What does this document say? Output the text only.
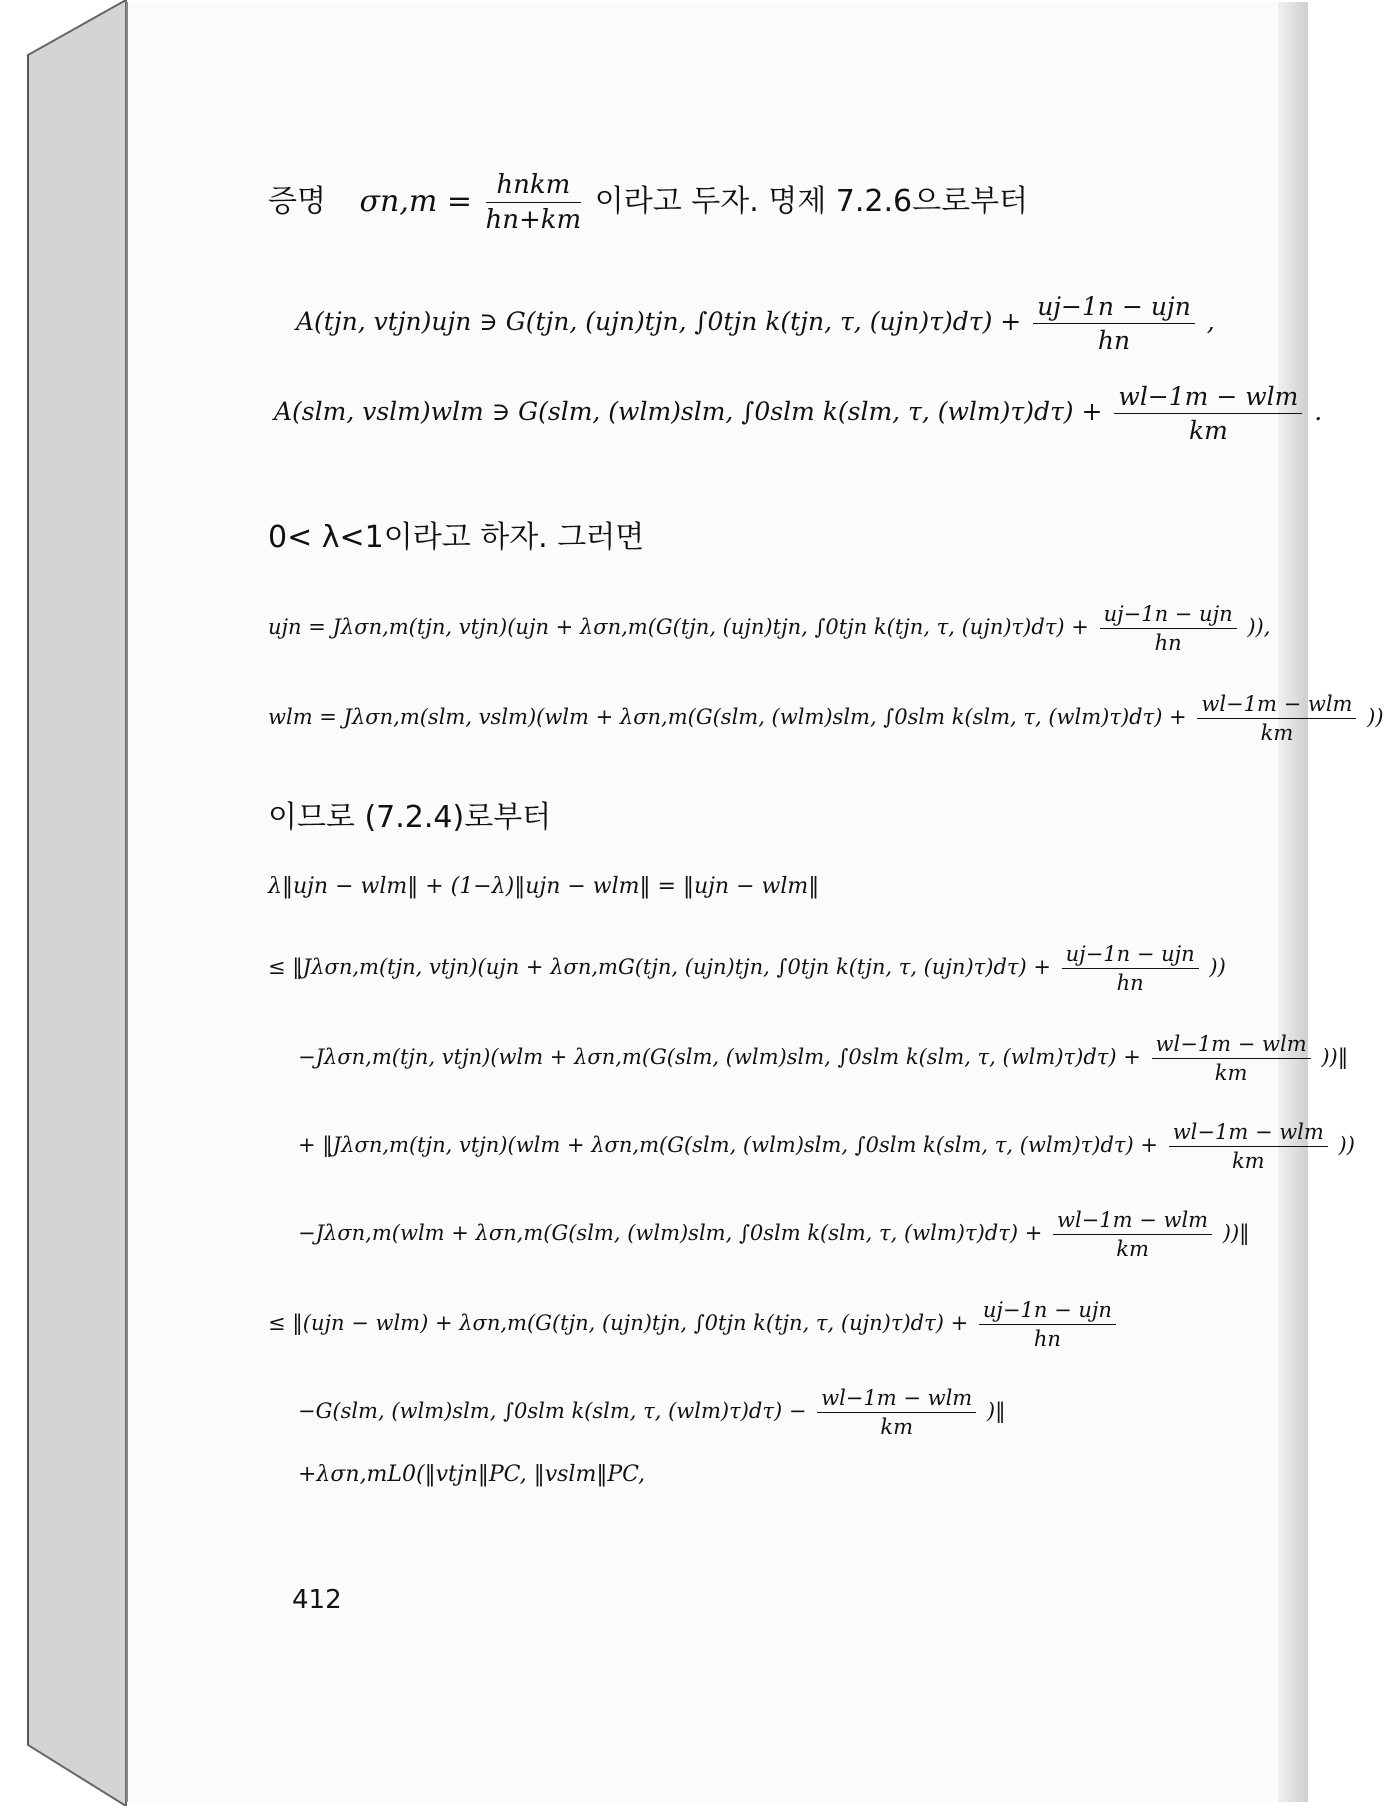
증명 $\sigma n,m = \frac{\text{hnkm}}{hn+km}$ 이라고 두자. 명제 7.2.6으로부터
A(tjn, vtjn)ujn ∋ G(tjn, (ujn)tjn, ∫0tjn k(tjn, τ, $(ujn)\tau)d\tau) + \frac{\text{uj−1n − ujn}}{hn}$ ,
A(slm, vslm)wlm ∋ G(slm, (wlm)slm, ∫0slm k(slm, τ, $(wlm)\tau)d\tau) + \frac{\text{wl−1m − wlm}}{km}$ .
0< λ<1이라고 하자. 그러면
ujn = Jλσn,m(tjn, vtjn)(ujn + λσn,m(G(tjn, (ujn)tjn, ∫0tjn k(tjn, τ, $(ujn)\tau)d\tau) + \frac{\text{uj−1n − ujn}}{hn}$ )),
wlm = Jλσn,m(slm, vslm)(wlm + λσn,m(G(slm, (wlm)slm, ∫0slm k(slm, τ, $(wlm)\tau)d\tau) + \frac{\text{wl−1m − wlm}}{km}$ ))
이므로 (7.2.4)로부터
λ‖ujn − wlm‖ + (1−λ)‖ujn − wlm‖ = ‖ujn − wlm‖
≤ ‖Jλσn,m(tjn, vtjn)(ujn + λσn,mG(tjn, (ujn)tjn, ∫0tjn k(tjn, τ, $(ujn)\tau)d\tau) + \frac{\text{uj−1n − ujn}}{hn}$ ))
−Jλσn,m(tjn, vtjn)(wlm + λσn,m(G(slm, (wlm)slm, ∫0slm k(slm, τ, $(wlm)\tau)d\tau) + \frac{\text{wl−1m − wlm}}{km}$ ))‖
+ ‖Jλσn,m(tjn, vtjn)(wlm + λσn,m(G(slm, (wlm)slm, ∫0slm k(slm, τ, $(wlm)\tau)d\tau) + \frac{\text{wl−1m − wlm}}{km}$ ))
−Jλσn,m(wlm + λσn,m(G(slm, (wlm)slm, ∫0slm k(slm, τ, $(wlm)\tau)d\tau) + \frac{\text{wl−1m − wlm}}{km}$ ))‖
≤ ‖(ujn − wlm) + λσn,m(G(tjn, (ujn)tjn, ∫0tjn k(tjn, τ, $(ujn)\tau)d\tau) + \frac{\text{uj−1n − ujn}}{hn}$
−G(slm, (wlm)slm, ∫0slm k(slm, τ, $(wlm)\tau)d\tau) - \frac{\text{wl−1m − wlm}}{km}$ )‖
+λσn,mL0(‖vtjn‖PC, ‖vslm‖PC,
412
